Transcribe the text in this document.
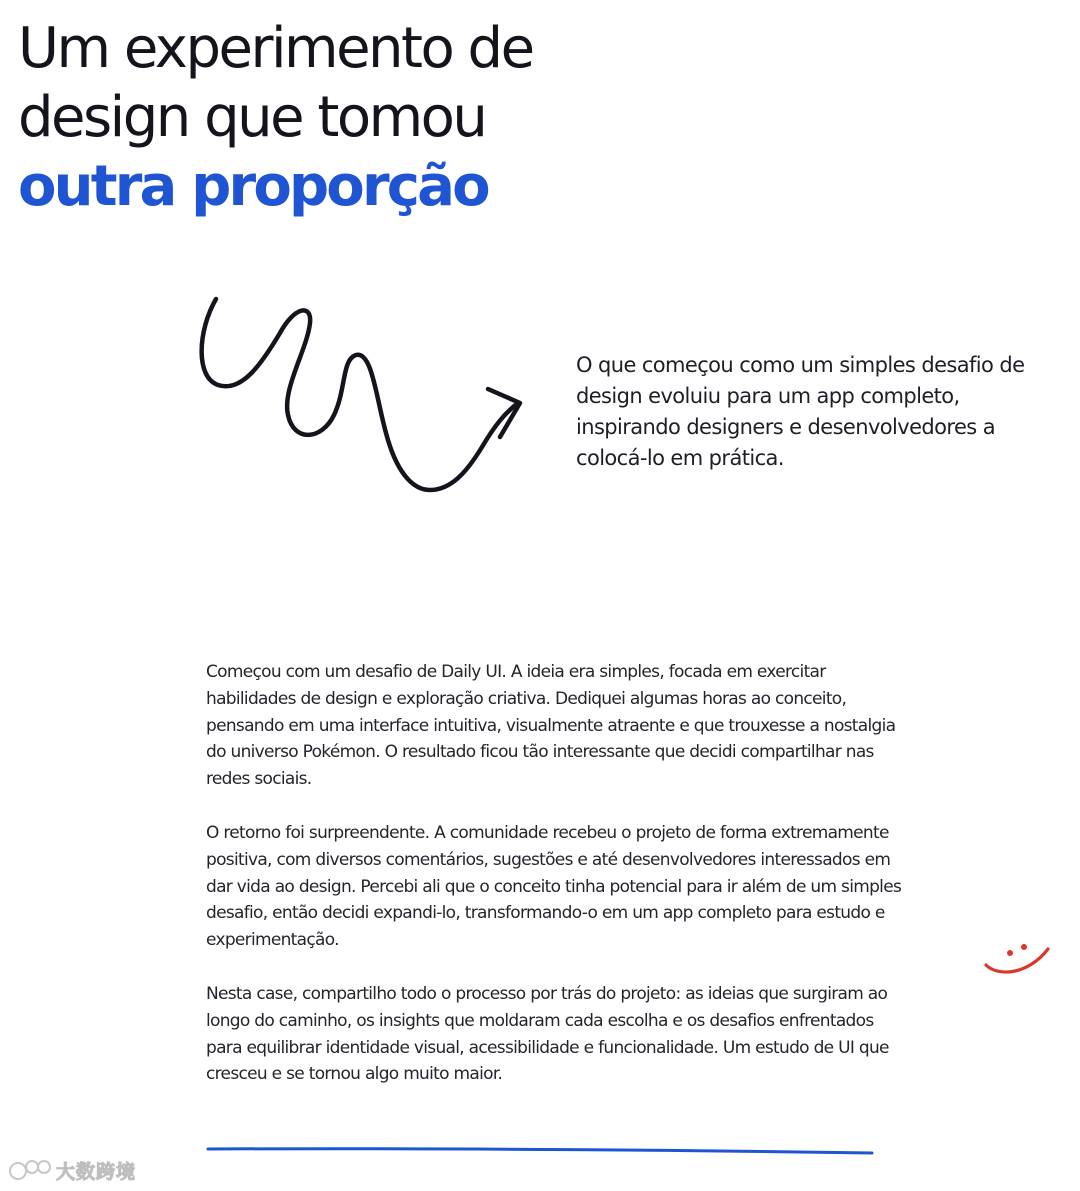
Um experimento de
design que tomou
outra proporção

O que começou como um simples desafio de design evoluiu para um app completo, inspirando designers e desenvolvedores a colocá-lo em prática.

Começou com um desafio de Daily UI. A ideia era simples, focada em exercitar habilidades de design e exploração criativa. Dediquei algumas horas ao conceito, pensando em uma interface intuitiva, visualmente atraente e que trouxesse a nostalgia do universo Pokémon. O resultado ficou tão interessante que decidi compartilhar nas redes sociais.

O retorno foi surpreendente. A comunidade recebeu o projeto de forma extremamente positiva, com diversos comentários, sugestões e até desenvolvedores interessados em dar vida ao design. Percebi ali que o conceito tinha potencial para ir além de um simples desafio, então decidi expandi-lo, transformando-o em um app completo para estudo e experimentação.

Nesta case, compartilho todo o processo por trás do projeto: as ideias que surgiram ao longo do caminho, os insights que moldaram cada escolha e os desafios enfrentados para equilibrar identidade visual, acessibilidade e funcionalidade. Um estudo de UI que cresceu e se tornou algo muito maior.

大数跨境
